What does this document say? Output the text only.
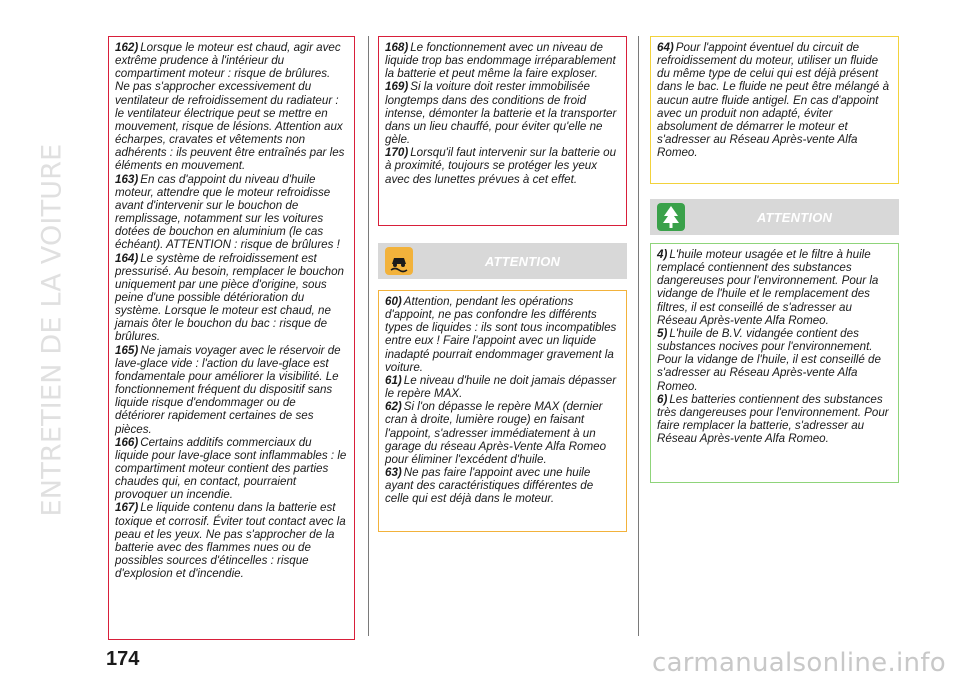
ENTRETIEN DE LA VOITURE

162) Lorsque le moteur est chaud, agir avec extrême prudence à l'intérieur du compartiment moteur : risque de brûlures. Ne pas s'approcher excessivement du ventilateur de refroidissement du radiateur : le ventilateur électrique peut se mettre en mouvement, risque de lésions. Attention aux écharpes, cravates et vêtements non adhérents : ils peuvent être entraînés par les éléments en mouvement.

163) En cas d'appoint du niveau d'huile moteur, attendre que le moteur refroidisse avant d'intervenir sur le bouchon de remplissage, notamment sur les voitures dotées de bouchon en aluminium (le cas échéant). ATTENTION : risque de brûlures !

164) Le système de refroidissement est pressurisé. Au besoin, remplacer le bouchon uniquement par une pièce d'origine, sous peine d'une possible détérioration du système. Lorsque le moteur est chaud, ne jamais ôter le bouchon du bac : risque de brûlures.

165) Ne jamais voyager avec le réservoir de lave-glace vide : l'action du lave-glace est fondamentale pour améliorer la visibilité. Le fonctionnement fréquent du dispositif sans liquide risque d'endommager ou de détériorer rapidement certaines de ses pièces.

166) Certains additifs commerciaux du liquide pour lave-glace sont inflammables : le compartiment moteur contient des parties chaudes qui, en contact, pourraient provoquer un incendie.

167) Le liquide contenu dans la batterie est toxique et corrosif. Éviter tout contact avec la peau et les yeux. Ne pas s'approcher de la batterie avec des flammes nues ou de possibles sources d'étincelles : risque d'explosion et d'incendie.

168) Le fonctionnement avec un niveau de liquide trop bas endommage irréparablement la batterie et peut même la faire exploser.

169) Si la voiture doit rester immobilisée longtemps dans des conditions de froid intense, démonter la batterie et la transporter dans un lieu chauffé, pour éviter qu'elle ne gèle.

170) Lorsqu'il faut intervenir sur la batterie ou à proximité, toujours se protéger les yeux avec des lunettes prévues à cet effet.

ATTENTION

60) Attention, pendant les opérations d'appoint, ne pas confondre les différents types de liquides : ils sont tous incompatibles entre eux ! Faire l'appoint avec un liquide inadapté pourrait endommager gravement la voiture.

61) Le niveau d'huile ne doit jamais dépasser le repère MAX.

62) Si l'on dépasse le repère MAX (dernier cran à droite, lumière rouge) en faisant l'appoint, s'adresser immédiatement à un garage du réseau Après-Vente Alfa Romeo pour éliminer l'excédent d'huile.

63) Ne pas faire l'appoint avec une huile ayant des caractéristiques différentes de celle qui est déjà dans le moteur.

64) Pour l'appoint éventuel du circuit de refroidissement du moteur, utiliser un fluide du même type de celui qui est déjà présent dans le bac. Le fluide ne peut être mélangé à aucun autre fluide antigel. En cas d'appoint avec un produit non adapté, éviter absolument de démarrer le moteur et s'adresser au Réseau Après-vente Alfa Romeo.

ATTENTION

4) L'huile moteur usagée et le filtre à huile remplacé contiennent des substances dangereuses pour l'environnement. Pour la vidange de l'huile et le remplacement des filtres, il est conseillé de s'adresser au Réseau Après-vente Alfa Romeo.

5) L'huile de B.V. vidangée contient des substances nocives pour l'environnement. Pour la vidange de l'huile, il est conseillé de s'adresser au Réseau Après-vente Alfa Romeo.

6) Les batteries contiennent des substances très dangereuses pour l'environnement. Pour faire remplacer la batterie, s'adresser au Réseau Après-vente Alfa Romeo.

174	carmanualsonline.info
